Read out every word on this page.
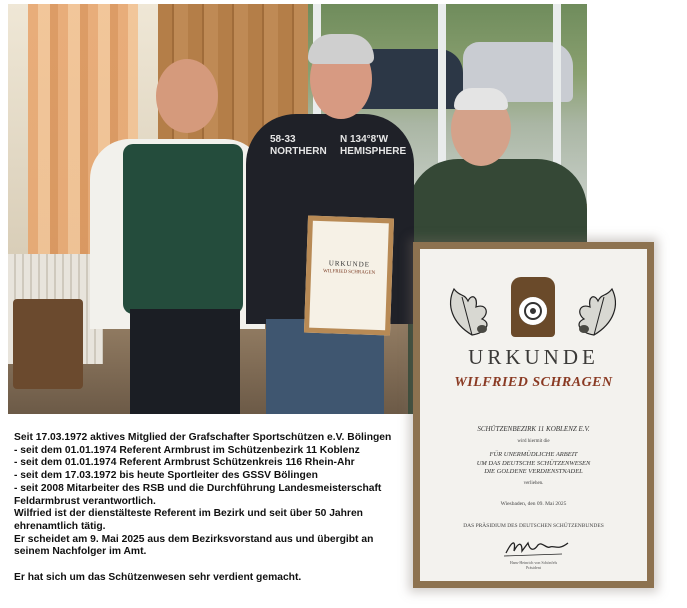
58-33
NORTHERN
N 134°8'W
HEMISPHERE
URKUNDE
WILFRIED SCHRAGEN
URKUNDE
WILFRIED SCHRAGEN
SCHÜTZENBEZIRK 11 KOBLENZ E.V.
wird hiermit die
FÜR UNERMÜDLICHE ARBEIT
UM DAS DEUTSCHE SCHÜTZENWESEN
DIE GOLDENE VERDIENSTNADEL
verliehen.
Wiesbaden, den 09. Mai 2025
DAS PRÄSIDIUM DES DEUTSCHEN SCHÜTZENBUNDES
Hans-Heinrich von Schönfels
Präsident
Seit 17.03.1972 aktives Mitglied der Grafschafter Sportschützen e.V. Bölingen
- seit dem 01.01.1974 Referent Armbrust im Schützenbezirk 11 Koblenz
- seit dem 01.01.1974 Referent Armbrust Schützenkreis 116 Rhein-Ahr
- seit dem 17.03.1972 bis heute Sportleiter des GSSV Bölingen
- seit 2008 Mitarbeiter des RSB und die Durchführung Landesmeisterschaft
Feldarmbrust verantwortlich.
Wilfried ist der dienstälteste Referent im Bezirk und seit über 50 Jahren
ehrenamtlich tätig.
Er scheidet am 9. Mai 2025 aus dem Bezirksvorstand aus und übergibt an
seinem Nachfolger im Amt.
Er hat sich um das Schützenwesen sehr verdient gemacht.
